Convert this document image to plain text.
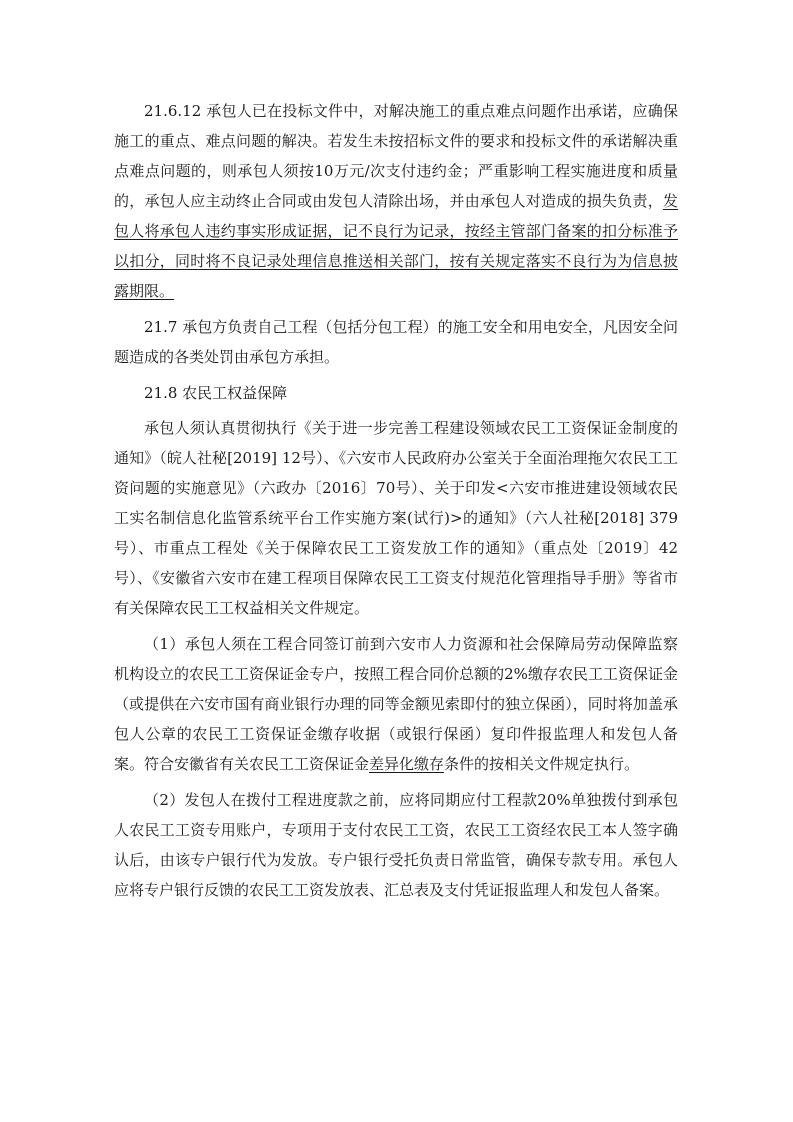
21.6.12 承包人已在投标文件中，对解决施工的重点难点问题作出承诺，应确保施工的重点、难点问题的解决。若发生未按招标文件的要求和投标文件的承诺解决重点难点问题的，则承包人须按10万元/次支付违约金；严重影响工程实施进度和质量的，承包人应主动终止合同或由发包人清除出场，并由承包人对造成的损失负责，发包人将承包人违约事实形成证据，记不良行为记录，按经主管部门备案的扣分标准予以扣分，同时将不良记录处理信息推送相关部门，按有关规定落实不良行为为信息披露期限。

21.7 承包方负责自己工程（包括分包工程）的施工安全和用电安全，凡因安全问题造成的各类处罚由承包方承担。

21.8 农民工权益保障

承包人须认真贯彻执行《关于进一步完善工程建设领域农民工工资保证金制度的通知》（皖人社秘[2019] 12号）、《六安市人民政府办公室关于全面治理拖欠农民工工资问题的实施意见》（六政办〔2016〕70号）、关于印发<六安市推进建设领域农民工实名制信息化监管系统平台工作实施方案(试行)>的通知》（六人社秘[2018] 379号）、市重点工程处《关于保障农民工工资发放工作的通知》（重点处〔2019〕42号）、《安徽省六安市在建工程项目保障农民工工资支付规范化管理指导手册》等省市有关保障农民工工权益相关文件规定。

（1）承包人须在工程合同签订前到六安市人力资源和社会保障局劳动保障监察机构设立的农民工工资保证金专户，按照工程合同价总额的2%缴存农民工工资保证金（或提供在六安市国有商业银行办理的同等金额见索即付的独立保函），同时将加盖承包人公章的农民工工资保证金缴存收据（或银行保函）复印件报监理人和发包人备案。符合安徽省有关农民工工资保证金差异化缴存条件的按相关文件规定执行。

（2）发包人在拨付工程进度款之前，应将同期应付工程款20%单独拨付到承包人农民工工资专用账户，专项用于支付农民工工资，农民工工资经农民工本人签字确认后，由该专户银行代为发放。专户银行受托负责日常监管，确保专款专用。承包人应将专户银行反馈的农民工工资发放表、汇总表及支付凭证报监理人和发包人备案。
